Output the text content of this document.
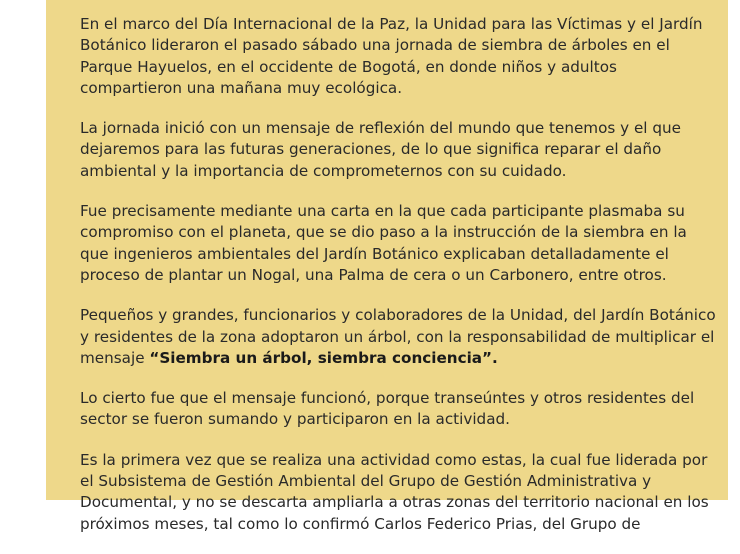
En el marco del Día Internacional de la Paz, la Unidad para las Víctimas y el Jardín Botánico lideraron el pasado sábado una jornada de siembra de árboles en el Parque Hayuelos, en el occidente de Bogotá, en donde niños y adultos compartieron una mañana muy ecológica.

La jornada inició con un mensaje de reflexión del mundo que tenemos y el que dejaremos para las futuras generaciones, de lo que significa reparar el daño ambiental y la importancia de comprometernos con su cuidado.

Fue precisamente mediante una carta en la que cada participante plasmaba su compromiso con el planeta, que se dio paso a la instrucción de la siembra en la que ingenieros ambientales del Jardín Botánico explicaban detalladamente el proceso de plantar un Nogal, una Palma de cera o un Carbonero, entre otros.

Pequeños y grandes, funcionarios y colaboradores de la Unidad, del Jardín Botánico y residentes de la zona adoptaron un árbol, con la responsabilidad de multiplicar el mensaje “Siembra un árbol, siembra conciencia”.

Lo cierto fue que el mensaje funcionó, porque transeúntes y otros residentes del sector se fueron sumando y participaron en la actividad.

Es la primera vez que se realiza una actividad como estas, la cual fue liderada por el Subsistema de Gestión Ambiental del Grupo de Gestión Administrativa y Documental, y no se descarta ampliarla a otras zonas del territorio nacional en los próximos meses, tal como lo confirmó Carlos Federico Prias, del Grupo de
